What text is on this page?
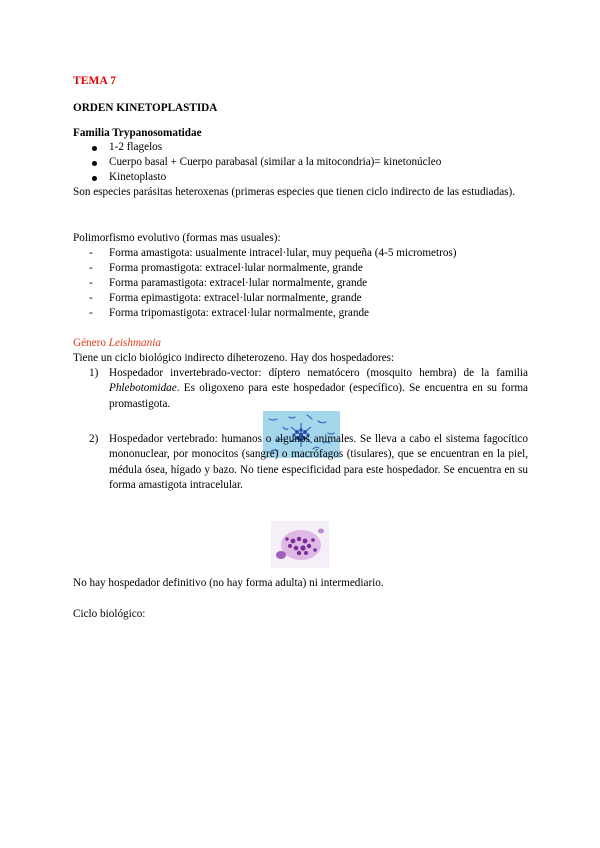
TEMA 7
ORDEN KINETOPLASTIDA
Familia Trypanosomatidae
1-2 flagelos
Cuerpo basal + Cuerpo parabasal (similar a la mitocondria)= kinetonúcleo
Kinetoplasto
Son especies parásitas heteroxenas (primeras especies que tienen ciclo indirecto de las estudiadas).
Polimorfismo evolutivo (formas mas usuales):
- Forma amastigota: usualmente intracel·lular, muy pequeña (4-5 micrometros)
- Forma promastigota: extracel·lular normalmente, grande
- Forma paramastigota: extracel·lular normalmente, grande
- Forma epimastigota: extracel·lular normalmente, grande
- Forma tripomastigota: extracel·lular normalmente, grande
Género Leishmania
Tiene un ciclo biológico indirecto diheterozeno. Hay dos hospedadores:
1) Hospedador invertebrado-vector: díptero nematócero (mosquito hembra) de la familia Phlebotomidae. Es oligoxeno para este hospedador (específico). Se encuentra en su forma promastigota.
2) Hospedador vertebrado: humanos o algunos animales. Se lleva a cabo el sistema fagocítico mononuclear, por monocitos (sangre) o macrófagos (tisulares), que se encuentran en la piel, médula ósea, hígado y bazo. No tiene especificidad para este hospedador. Se encuentra en su forma amastigota intracelular.
No hay hospedador definitivo (no hay forma adulta) ni intermediario.
Ciclo biológico:
